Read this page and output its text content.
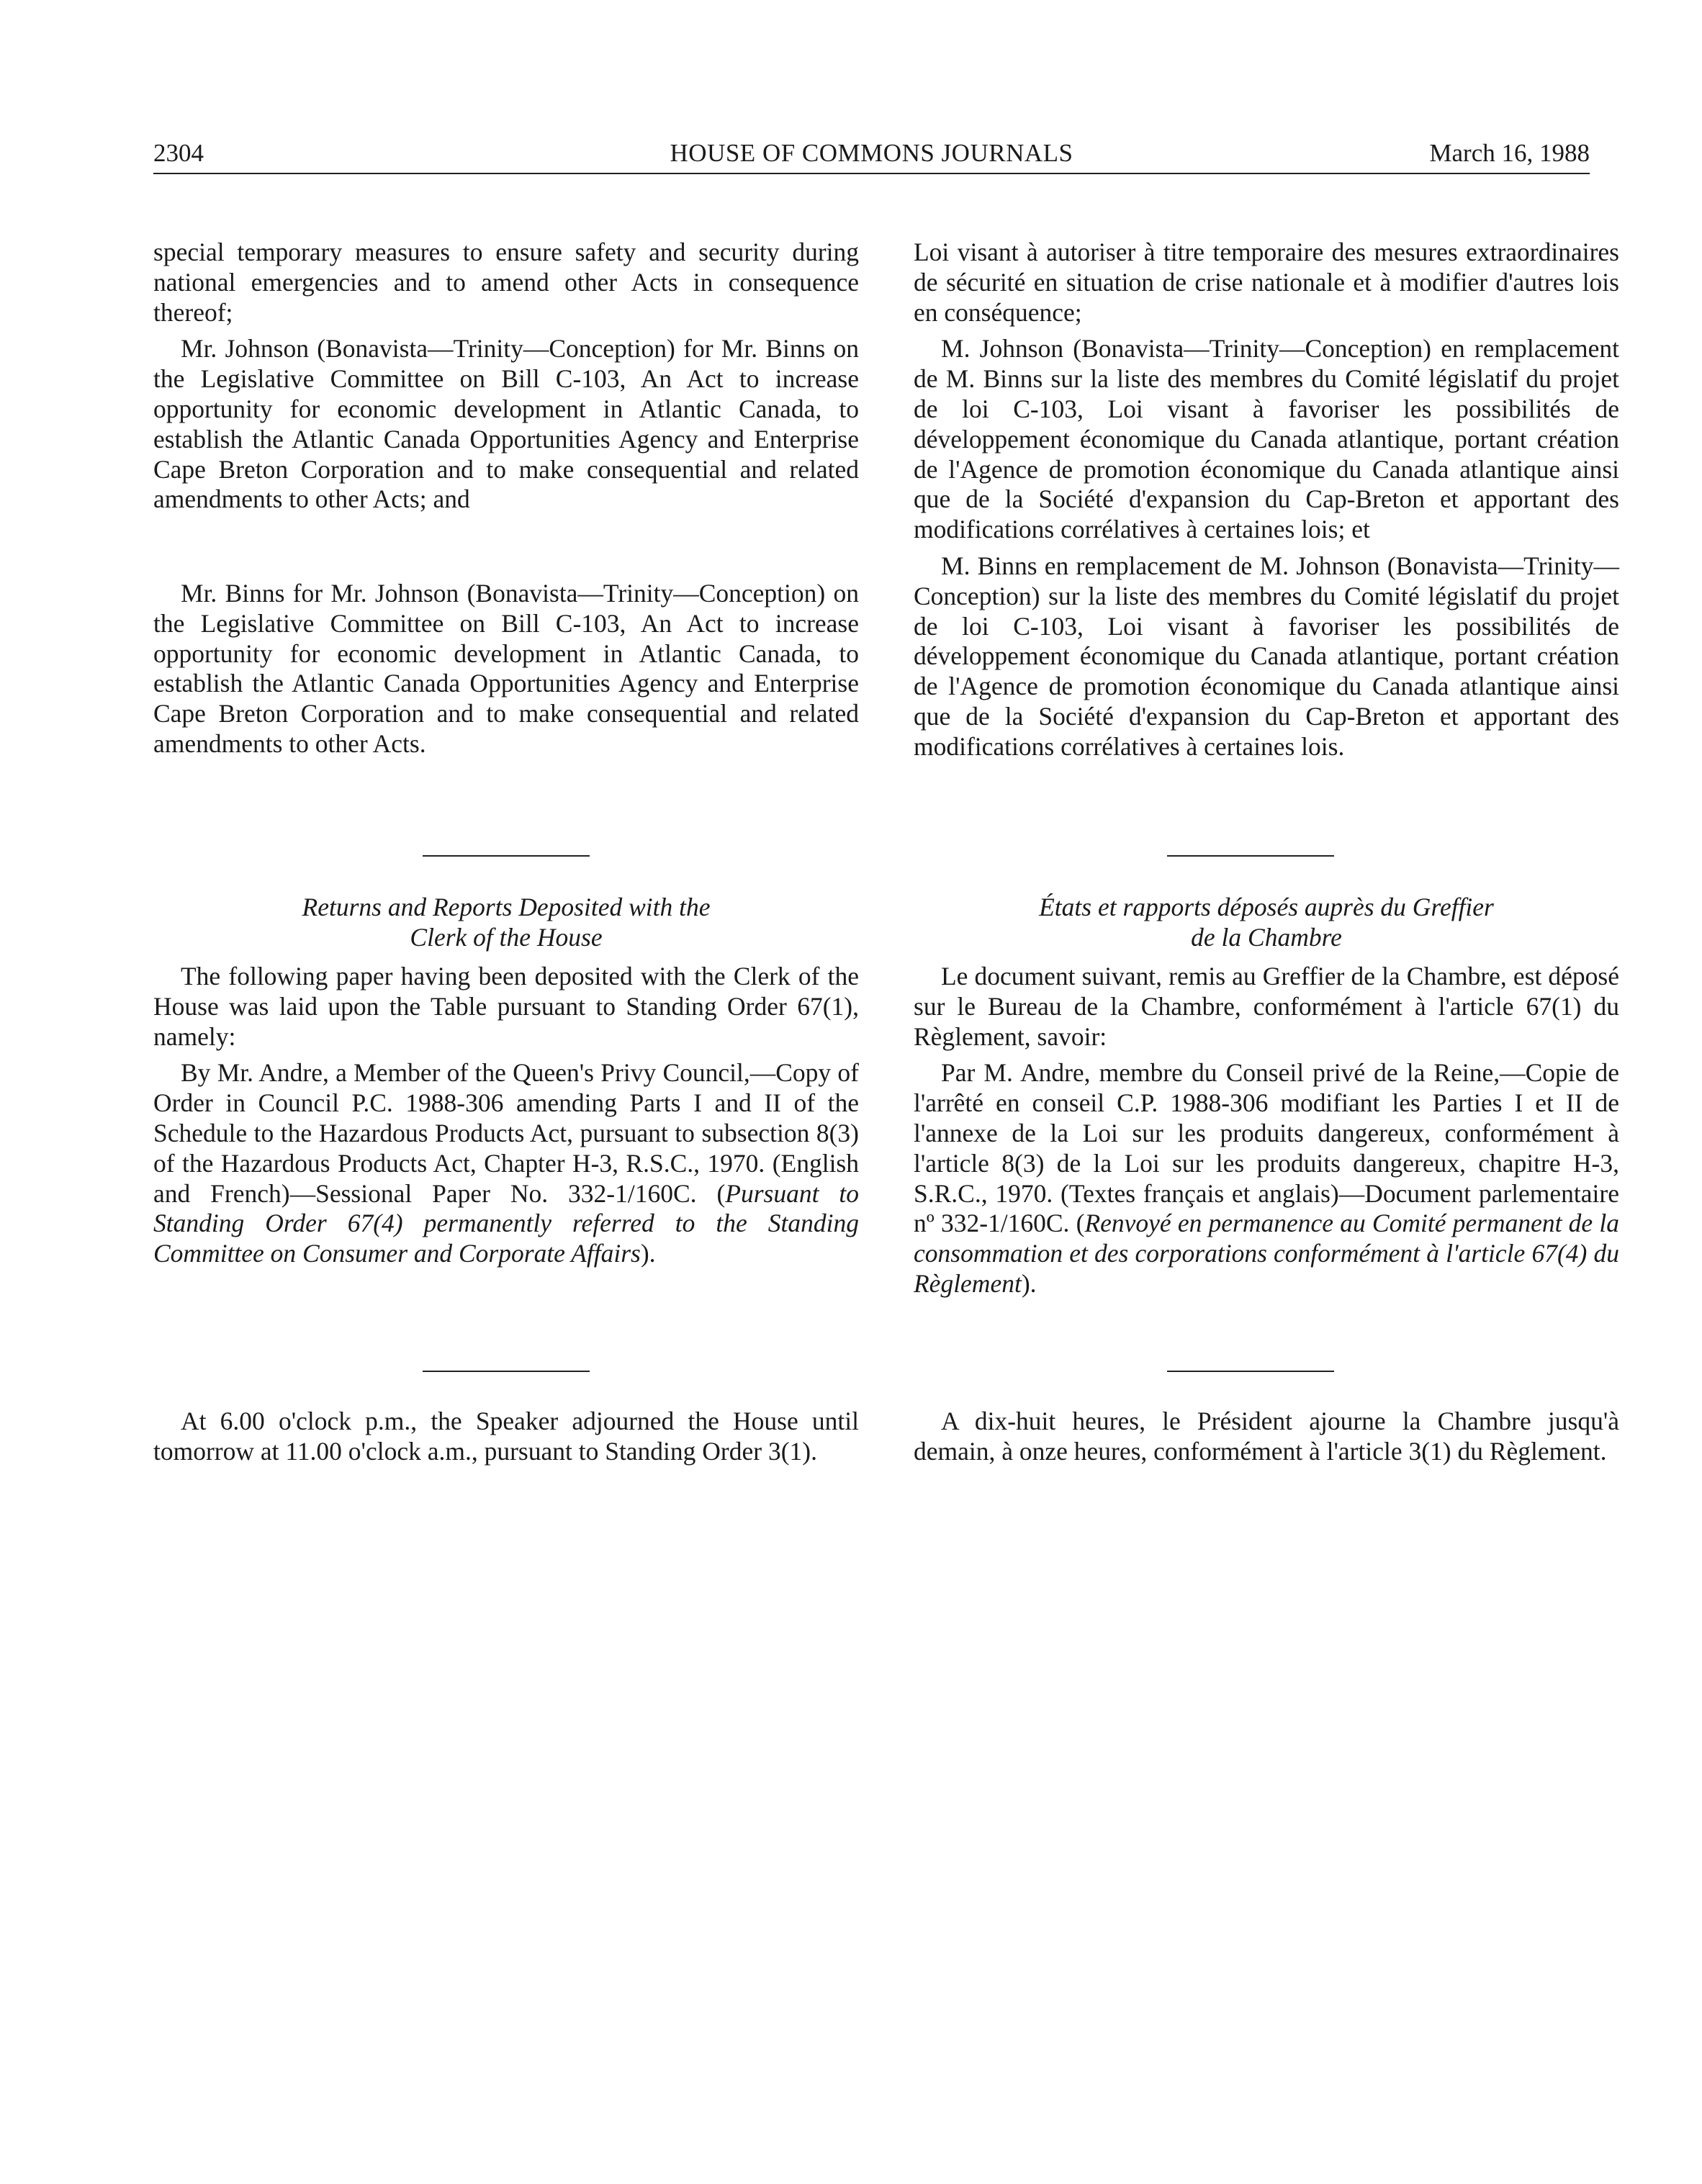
2304	HOUSE OF COMMONS JOURNALS	March 16, 1988

special temporary measures to ensure safety and security during national emergencies and to amend other Acts in consequence thereof;

Mr. Johnson (Bonavista—Trinity—Conception) for Mr. Binns on the Legislative Committee on Bill C-103, An Act to increase opportunity for economic development in Atlantic Canada, to establish the Atlantic Canada Opportunities Agency and Enterprise Cape Breton Corporation and to make consequential and related amendments to other Acts; and

Mr. Binns for Mr. Johnson (Bonavista—Trinity—Conception) on the Legislative Committee on Bill C-103, An Act to increase opportunity for economic development in Atlantic Canada, to establish the Atlantic Canada Opportunities Agency and Enterprise Cape Breton Corporation and to make consequential and related amendments to other Acts.

Loi visant à autoriser à titre temporaire des mesures extraordinaires de sécurité en situation de crise nationale et à modifier d'autres lois en conséquence;

M. Johnson (Bonavista—Trinity—Conception) en remplacement de M. Binns sur la liste des membres du Comité législatif du projet de loi C-103, Loi visant à favoriser les possibilités de développement économique du Canada atlantique, portant création de l'Agence de promotion économique du Canada atlantique ainsi que de la Société d'expansion du Cap-Breton et apportant des modifications corrélatives à certaines lois; et

M. Binns en remplacement de M. Johnson (Bonavista—Trinity—Conception) sur la liste des membres du Comité législatif du projet de loi C-103, Loi visant à favoriser les possibilités de développement économique du Canada atlantique, portant création de l'Agence de promotion économique du Canada atlantique ainsi que de la Société d'expansion du Cap-Breton et apportant des modifications corrélatives à certaines lois.

Returns and Reports Deposited with the
Clerk of the House
États et rapports déposés auprès du Greffier
de la Chambre

The following paper having been deposited with the Clerk of the House was laid upon the Table pursuant to Standing Order 67(1), namely:

By Mr. Andre, a Member of the Queen's Privy Council,—Copy of Order in Council P.C. 1988-306 amending Parts I and II of the Schedule to the Hazardous Products Act, pursuant to subsection 8(3) of the Hazardous Products Act, Chapter H-3, R.S.C., 1970. (English and French)—Sessional Paper No. 332-1/160C. (Pursuant to Standing Order 67(4) permanently referred to the Standing Committee on Consumer and Corporate Affairs).

Le document suivant, remis au Greffier de la Chambre, est déposé sur le Bureau de la Chambre, conformément à l'article 67(1) du Règlement, savoir:

Par M. Andre, membre du Conseil privé de la Reine,—Copie de l'arrêté en conseil C.P. 1988-306 modifiant les Parties I et II de l'annexe de la Loi sur les produits dangereux, conformément à l'article 8(3) de la Loi sur les produits dangereux, chapitre H-3, S.R.C., 1970. (Textes français et anglais)—Document parlementaire nº 332-1/160C. (Renvoyé en permanence au Comité permanent de la consommation et des corporations conformément à l'article 67(4) du Règlement).

At 6.00 o'clock p.m., the Speaker adjourned the House until tomorrow at 11.00 o'clock a.m., pursuant to Standing Order 3(1).

A dix-huit heures, le Président ajourne la Chambre jusqu'à demain, à onze heures, conformément à l'article 3(1) du Règlement.
